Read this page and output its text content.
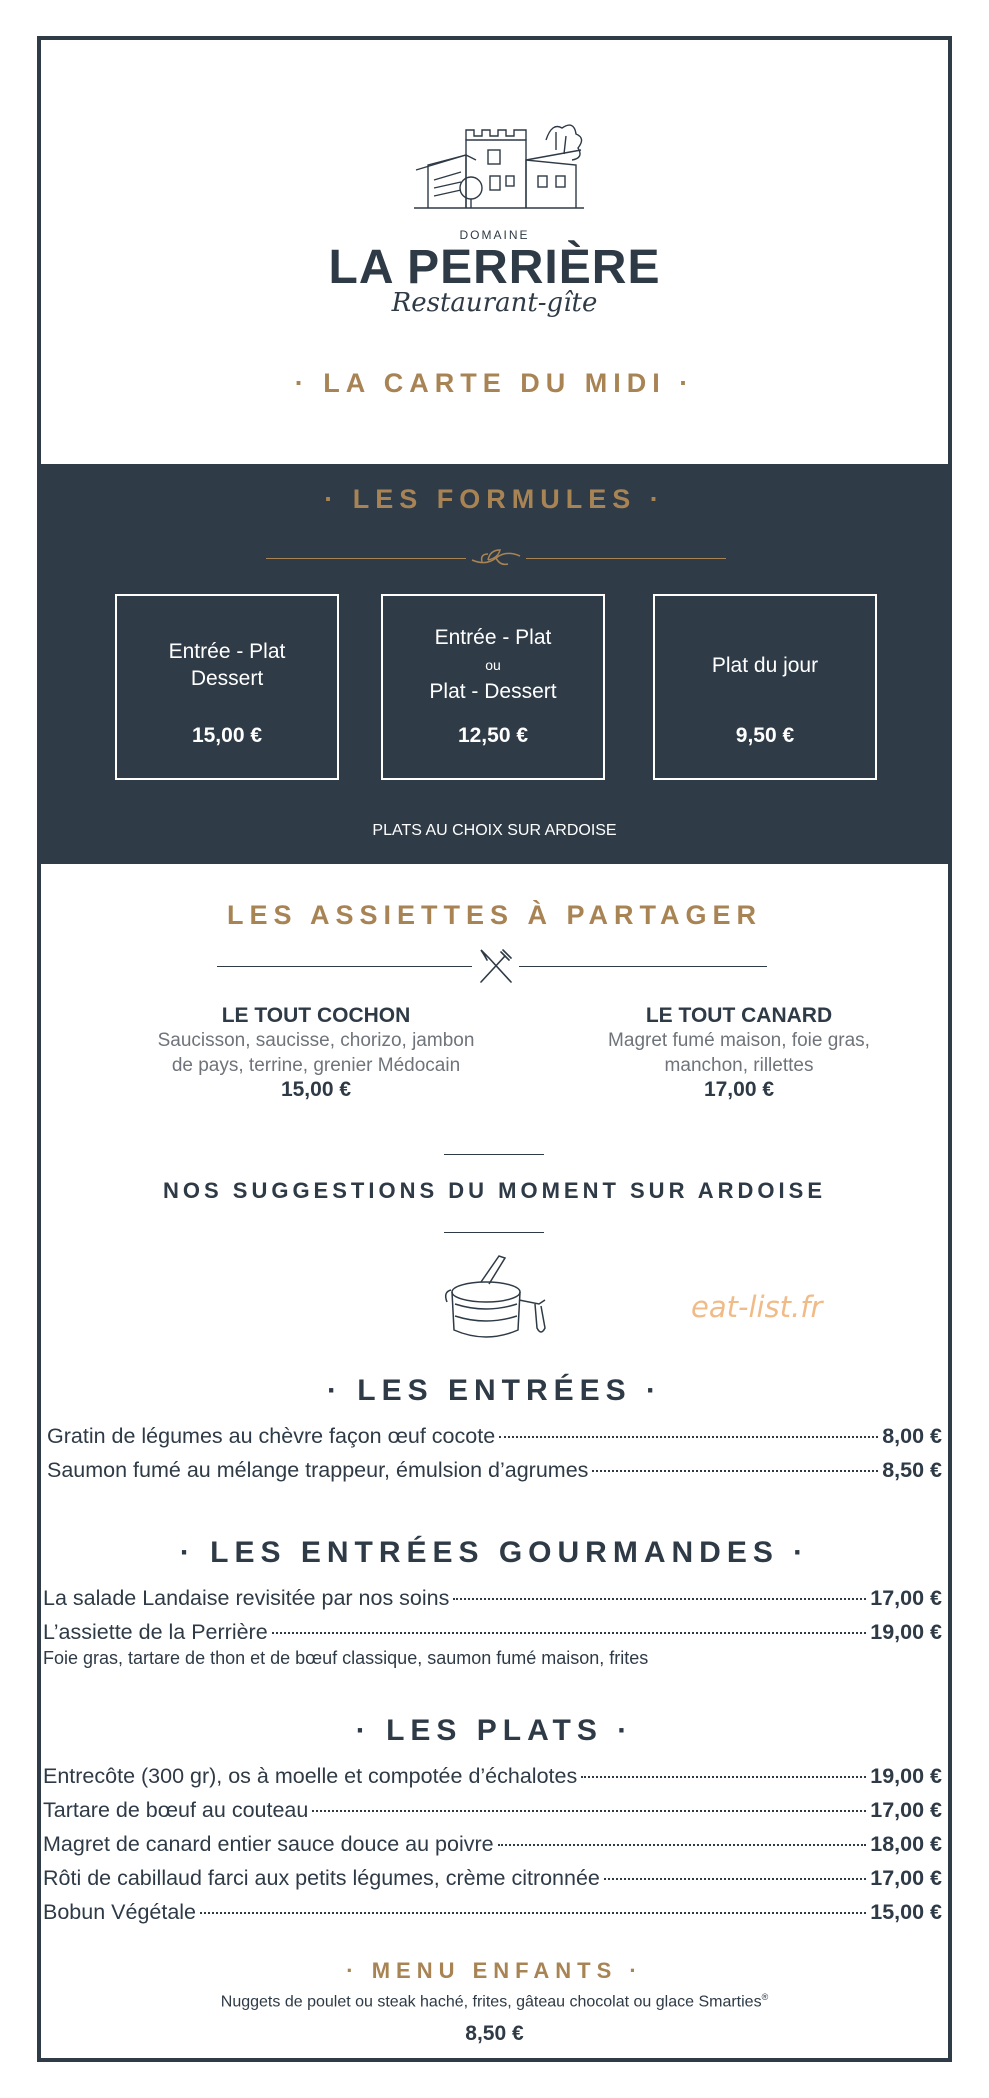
DOMAINE
LA PERRIÈRE
Restaurant-gîte
· LA CARTE DU MIDI ·
· LES FORMULES ·
Entrée - Plat
Dessert
15,00 €
Entrée - Plat
ou
Plat - Dessert
12,50 €
Plat du jour
9,50 €
PLATS AU CHOIX SUR ARDOISE
LES ASSIETTES À PARTAGER
LE TOUT COCHON
Saucisson, saucisse, chorizo, jambon
de pays, terrine, grenier Médocain
15,00 €
LE TOUT CANARD
Magret fumé maison, foie gras,
manchon, rillettes
17,00 €
NOS SUGGESTIONS DU MOMENT SUR ARDOISE
eat-list.fr
· LES ENTRÉES ·
Gratin de légumes au chèvre façon œuf cocote	8,00 €
Saumon fumé au mélange trappeur, émulsion d’agrumes	8,50 €
· LES ENTRÉES GOURMANDES ·
La salade Landaise revisitée par nos soins	17,00 €
L’assiette de la Perrière	19,00 €
Foie gras, tartare de thon et de bœuf classique, saumon fumé maison, frites
· LES PLATS ·
Entrecôte (300 gr), os à moelle et compotée d’échalotes	19,00 €
Tartare de bœuf au couteau	17,00 €
Magret de canard entier sauce douce au poivre	18,00 €
Rôti de cabillaud farci aux petits légumes, crème citronnée	17,00 €
Bobun Végétale	15,00 €
· MENU ENFANTS ·
Nuggets de poulet ou steak haché, frites, gâteau chocolat ou glace Smarties®
8,50 €
